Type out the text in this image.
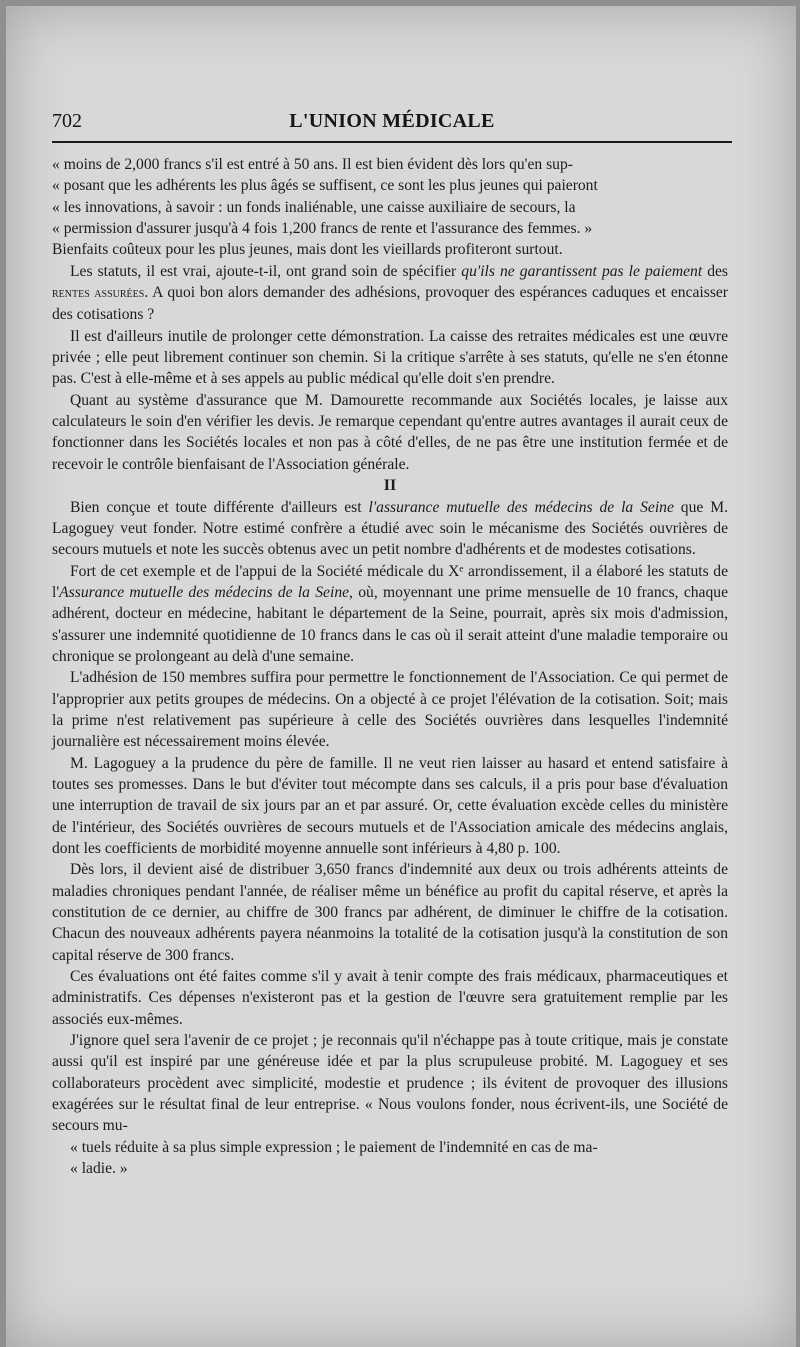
702	L'UNION MÉDICALE

« moins de 2,000 francs s'il est entré à 50 ans. Il est bien évident dès lors qu'en sup-
« posant que les adhérents les plus âgés se suffisent, ce sont les plus jeunes qui paieront
« les innovations, à savoir : un fonds inaliénable, une caisse auxiliaire de secours, la
« permission d'assurer jusqu'à 4 fois 1,200 francs de rente et l'assurance des femmes. »
Bienfaits coûteux pour les plus jeunes, mais dont les vieillards profiteront surtout.

Les statuts, il est vrai, ajoute-t-il, ont grand soin de spécifier qu'ils ne garantissent pas le paiement des rentes assurées. A quoi bon alors demander des adhésions, provoquer des espérances caduques et encaisser des cotisations ?

Il est d'ailleurs inutile de prolonger cette démonstration. La caisse des retraites médicales est une œuvre privée ; elle peut librement continuer son chemin. Si la critique s'arrête à ses statuts, qu'elle ne s'en étonne pas. C'est à elle-même et à ses appels au public médical qu'elle doit s'en prendre.

Quant au système d'assurance que M. Damourette recommande aux Sociétés locales, je laisse aux calculateurs le soin d'en vérifier les devis. Je remarque cependant qu'entre autres avantages il aurait ceux de fonctionner dans les Sociétés locales et non pas à côté d'elles, de ne pas être une institution fermée et de recevoir le contrôle bienfaisant de l'Association générale.

II

Bien conçue et toute différente d'ailleurs est l'assurance mutuelle des médecins de la Seine que M. Lagoguey veut fonder. Notre estimé confrère a étudié avec soin le mécanisme des Sociétés ouvrières de secours mutuels et note les succès obtenus avec un petit nombre d'adhérents et de modestes cotisations.

Fort de cet exemple et de l'appui de la Société médicale du Xᵉ arrondissement, il a élaboré les statuts de l'Assurance mutuelle des médecins de la Seine, où, moyennant une prime mensuelle de 10 francs, chaque adhérent, docteur en médecine, habitant le département de la Seine, pourrait, après six mois d'admission, s'assurer une indemnité quotidienne de 10 francs dans le cas où il serait atteint d'une maladie temporaire ou chronique se prolongeant au delà d'une semaine.

L'adhésion de 150 membres suffira pour permettre le fonctionnement de l'Association. Ce qui permet de l'approprier aux petits groupes de médecins. On a objecté à ce projet l'élévation de la cotisation. Soit; mais la prime n'est relativement pas supérieure à celle des Sociétés ouvrières dans lesquelles l'indemnité journalière est nécessairement moins élevée.

M. Lagoguey a la prudence du père de famille. Il ne veut rien laisser au hasard et entend satisfaire à toutes ses promesses. Dans le but d'éviter tout mécompte dans ses calculs, il a pris pour base d'évaluation une interruption de travail de six jours par an et par assuré. Or, cette évaluation excède celles du ministère de l'intérieur, des Sociétés ouvrières de secours mutuels et de l'Association amicale des médecins anglais, dont les coefficients de morbidité moyenne annuelle sont inférieurs à 4,80 p. 100.

Dès lors, il devient aisé de distribuer 3,650 francs d'indemnité aux deux ou trois adhérents atteints de maladies chroniques pendant l'année, de réaliser même un bénéfice au profit du capital réserve, et après la constitution de ce dernier, au chiffre de 300 francs par adhérent, de diminuer le chiffre de la cotisation. Chacun des nouveaux adhérents payera néanmoins la totalité de la cotisation jusqu'à la constitution de son capital réserve de 300 francs.

Ces évaluations ont été faites comme s'il y avait à tenir compte des frais médicaux, pharmaceutiques et administratifs. Ces dépenses n'existeront pas et la gestion de l'œuvre sera gratuitement remplie par les associés eux-mêmes.

J'ignore quel sera l'avenir de ce projet ; je reconnais qu'il n'échappe pas à toute critique, mais je constate aussi qu'il est inspiré par une généreuse idée et par la plus scrupuleuse probité. M. Lagoguey et ses collaborateurs procèdent avec simplicité, modestie et prudence ; ils évitent de provoquer des illusions exagérées sur le résultat final de leur entreprise. « Nous voulons fonder, nous écrivent-ils, une Société de secours mu-
« tuels réduite à sa plus simple expression ; le paiement de l'indemnité en cas de ma-
« ladie. »
